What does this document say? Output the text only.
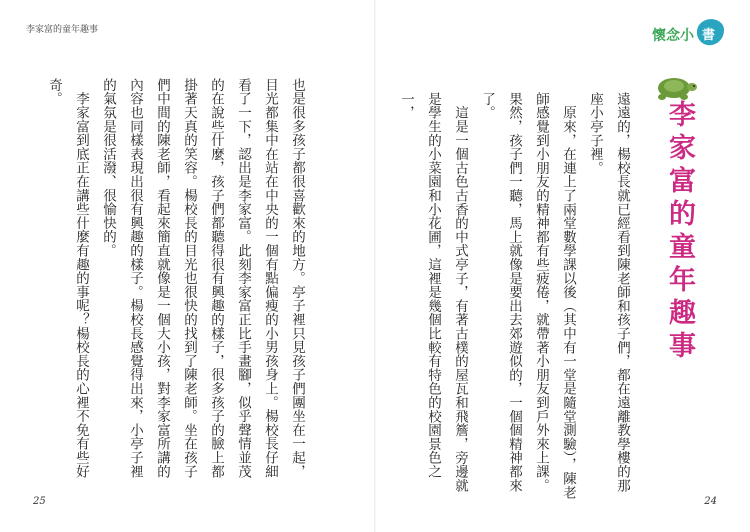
李家富的童年趣事
也是很多孩子都很喜歡來的地方。亭子裡只見孩子們團坐在一起，目光都集中在站在中央的一個有點偏瘦的小男孩身上。楊校長仔細看了一下，認出是李家富。此刻李家富正比手畫腳，似乎聲情並茂的在說些什麼，孩子們都聽得很有興趣的樣子，很多孩子的臉上都掛著天真的笑容。楊校長的目光也很快的找到了陳老師。坐在孩子們中間的陳老師，看起來簡直就像是一個大小孩，對李家富所講的內容也同樣表現出很有興趣的樣子。楊校長感覺得出來，小亭子裡的氣氛是很活潑、很愉快的。
　李家富到底正在講些什麼有趣的事呢？楊校長的心裡不免有些好奇。
25
懷念小 書
李家富的童年趣事
遠遠的，楊校長就已經看到陳老師和孩子們，都在遠離教學樓的那座小亭子裡。
　原來，在連上了兩堂數學課以後（其中有一堂是隨堂測驗），陳老師感覺到小朋友的精神都有些疲倦，就帶著小朋友到戶外來上課。果然，孩子們一聽，馬上就像是要出去郊遊似的，一個個精神都來了。
　這是一個古色古香的中式亭子，有著古樸的屋瓦和飛簷，旁邊就是學生的小菜園和小花圃，這裡是幾個比較有特色的校園景色之一，
24
